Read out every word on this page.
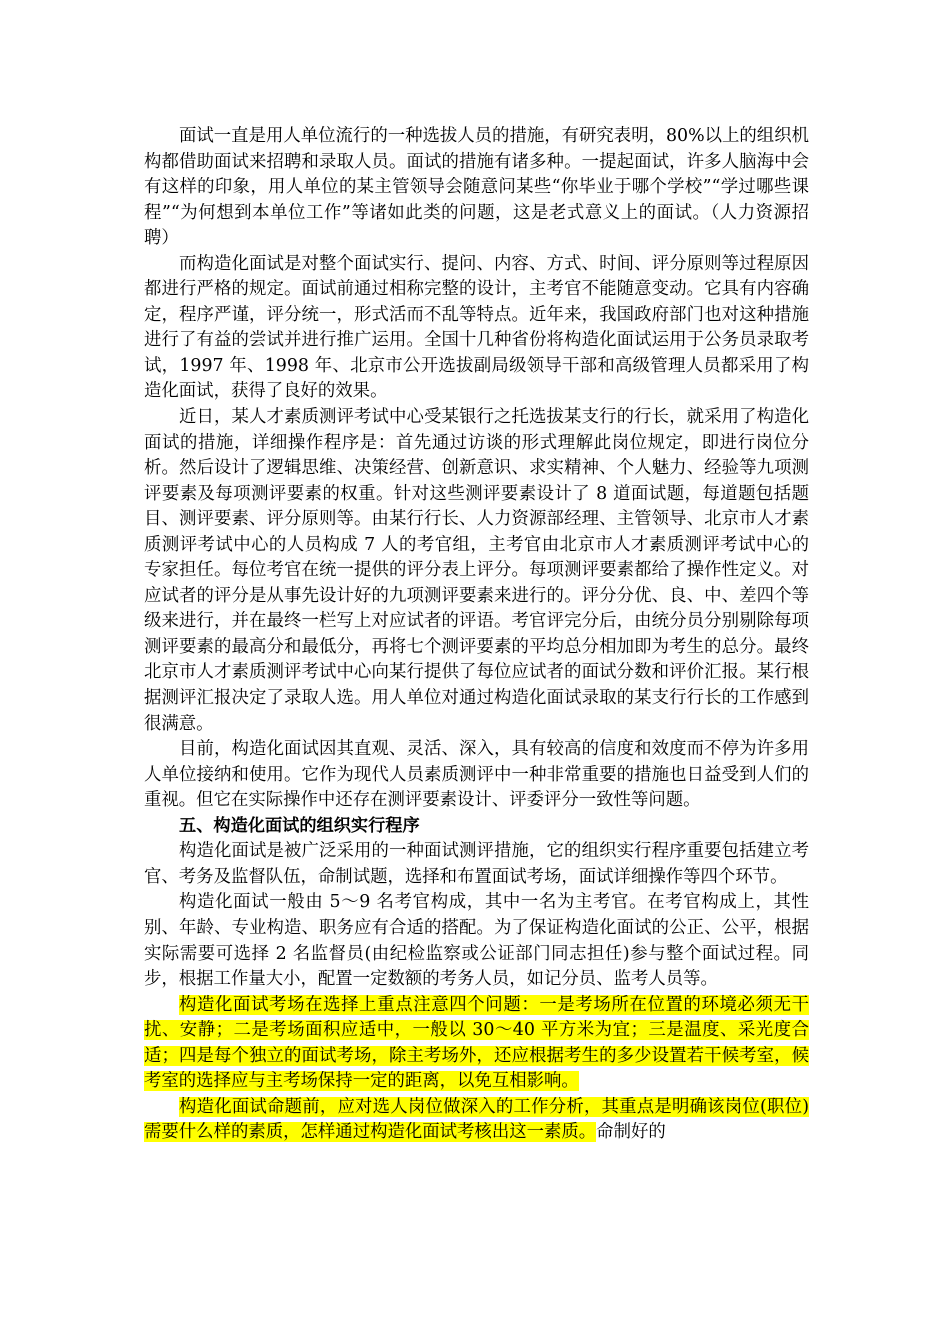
面试一直是用人单位流行的一种选拔人员的措施，有研究表明，80%以上的组织机构都借助面试来招聘和录取人员。面试的措施有诸多种。一提起面试，许多人脑海中会有这样的印象，用人单位的某主管领导会随意问某些“你毕业于哪个学校”“学过哪些课程”“为何想到本单位工作”等诸如此类的问题，这是老式意义上的面试。（人力资源招聘）

而构造化面试是对整个面试实行、提问、内容、方式、时间、评分原则等过程原因都进行严格的规定。面试前通过相称完整的设计，主考官不能随意变动。它具有内容确定，程序严谨，评分统一，形式活而不乱等特点。近年来，我国政府部门也对这种措施进行了有益的尝试并进行推广运用。全国十几种省份将构造化面试运用于公务员录取考试，1997 年、1998 年、北京市公开选拔副局级领导干部和高级管理人员都采用了构造化面试，获得了良好的效果。

近日，某人才素质测评考试中心受某银行之托选拔某支行的行长，就采用了构造化面试的措施，详细操作程序是：首先通过访谈的形式理解此岗位规定，即进行岗位分析。然后设计了逻辑思维、决策经营、创新意识、求实精神、个人魅力、经验等九项测评要素及每项测评要素的权重。针对这些测评要素设计了 8 道面试题，每道题包括题目、测评要素、评分原则等。由某行行长、人力资源部经理、主管领导、北京市人才素质测评考试中心的人员构成 7 人的考官组，主考官由北京市人才素质测评考试中心的专家担任。每位考官在统一提供的评分表上评分。每项测评要素都给了操作性定义。对应试者的评分是从事先设计好的九项测评要素来进行的。评分分优、良、中、差四个等级来进行，并在最终一栏写上对应试者的评语。考官评完分后，由统分员分别剔除每项测评要素的最高分和最低分，再将七个测评要素的平均总分相加即为考生的总分。最终北京市人才素质测评考试中心向某行提供了每位应试者的面试分数和评价汇报。某行根据测评汇报决定了录取人选。用人单位对通过构造化面试录取的某支行行长的工作感到很满意。

目前，构造化面试因其直观、灵活、深入，具有较高的信度和效度而不停为许多用人单位接纳和使用。它作为现代人员素质测评中一种非常重要的措施也日益受到人们的重视。但它在实际操作中还存在测评要素设计、评委评分一致性等问题。

五、构造化面试的组织实行程序

构造化面试是被广泛采用的一种面试测评措施，它的组织实行程序重要包括建立考官、考务及监督队伍，命制试题，选择和布置面试考场，面试详细操作等四个环节。

构造化面试一般由 5～9 名考官构成，其中一名为主考官。在考官构成上，其性别、年龄、专业构造、职务应有合适的搭配。为了保证构造化面试的公正、公平，根据实际需要可选择 2 名监督员(由纪检监察或公证部门同志担任)参与整个面试过程。同步，根据工作量大小，配置一定数额的考务人员，如记分员、监考人员等。

构造化面试考场在选择上重点注意四个问题：一是考场所在位置的环境必须无干扰、安静；二是考场面积应适中，一般以 30～40 平方米为宜；三是温度、采光度合适；四是每个独立的面试考场，除主考场外，还应根据考生的多少设置若干候考室，候考室的选择应与主考场保持一定的距离，以免互相影响。

构造化面试命题前，应对选人岗位做深入的工作分析，其重点是明确该岗位(职位)需要什么样的素质，怎样通过构造化面试考核出这一素质。命制好的
